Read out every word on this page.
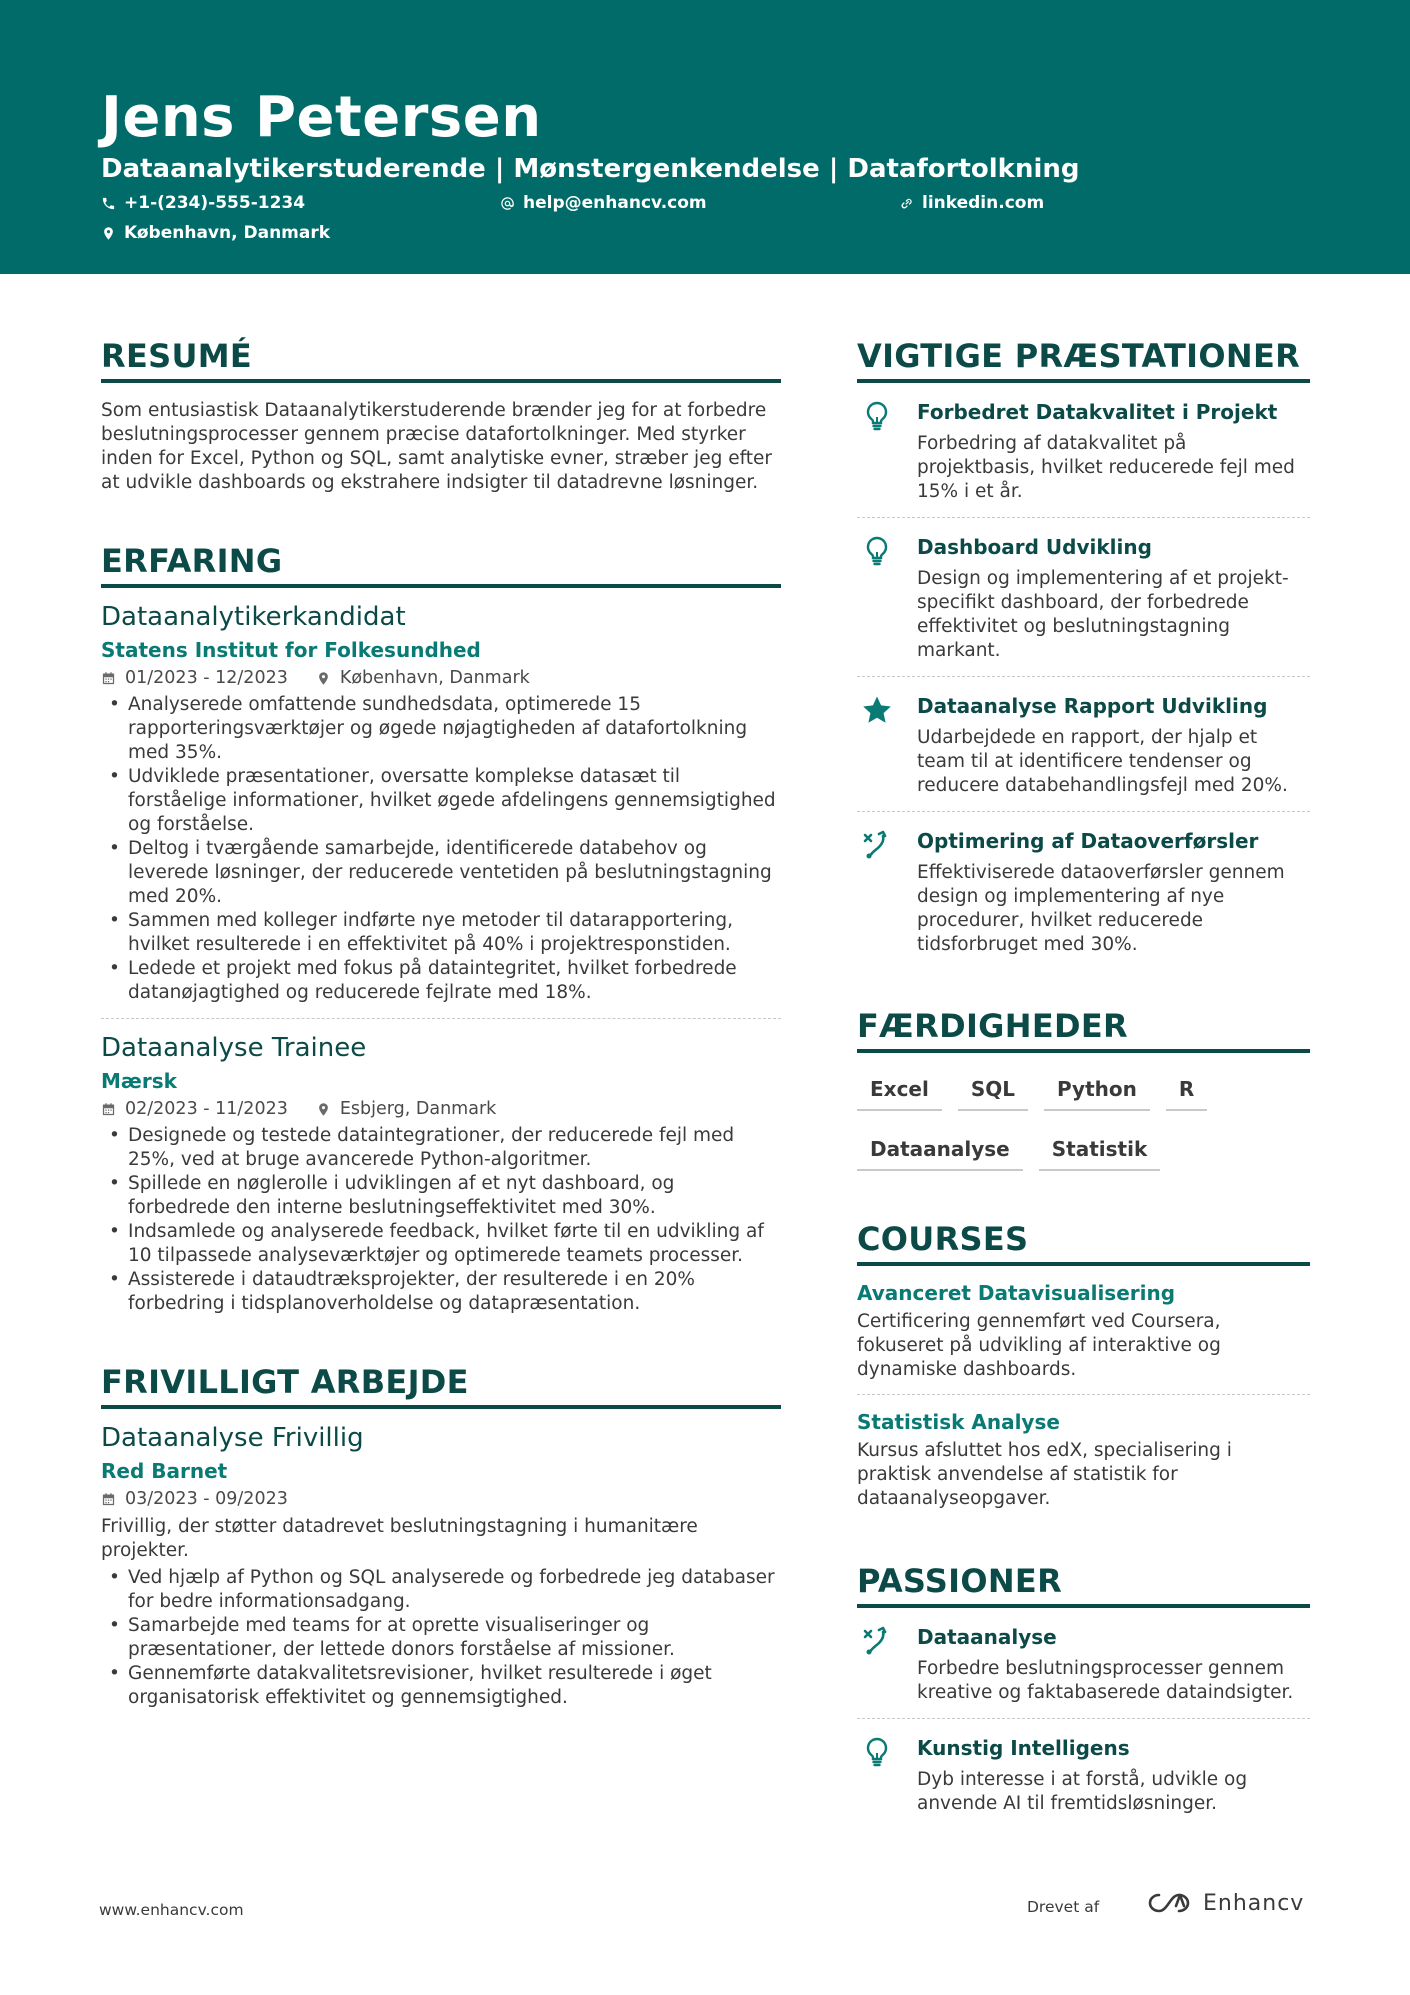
Jens Petersen
Dataanalytikerstuderende | Mønstergenkendelse | Datafortolkning
+1-(234)-555-1234	help@enhancv.com	linkedin.com
København, Danmark
RESUMÉ
Som entusiastisk Dataanalytikerstuderende brænder jeg for at forbedre beslutningsprocesser gennem præcise datafortolkninger. Med styrker inden for Excel, Python og SQL, samt analytiske evner, stræber jeg efter at udvikle dashboards og ekstrahere indsigter til datadrevne løsninger.
ERFARING
Dataanalytikerkandidat
Statens Institut for Folkesundhed
01/2023 - 12/2023	København, Danmark
• Analyserede omfattende sundhedsdata, optimerede 15 rapporteringsværktøjer og øgede nøjagtigheden af datafortolkning med 35%.
• Udviklede præsentationer, oversatte komplekse datasæt til forståelige informationer, hvilket øgede afdelingens gennemsigtighed og forståelse.
• Deltog i tværgående samarbejde, identificerede databehov og leverede løsninger, der reducerede ventetiden på beslutningstagning med 20%.
• Sammen med kolleger indførte nye metoder til datarapportering, hvilket resulterede i en effektivitet på 40% i projektresponstiden.
• Ledede et projekt med fokus på dataintegritet, hvilket forbedrede datanøjagtighed og reducerede fejlrate med 18%.
Dataanalyse Trainee
Mærsk
02/2023 - 11/2023	Esbjerg, Danmark
• Designede og testede dataintegrationer, der reducerede fejl med 25%, ved at bruge avancerede Python-algoritmer.
• Spillede en nøglerolle i udviklingen af et nyt dashboard, og forbedrede den interne beslutningseffektivitet med 30%.
• Indsamlede og analyserede feedback, hvilket førte til en udvikling af 10 tilpassede analyseværktøjer og optimerede teamets processer.
• Assisterede i dataudtræksprojekter, der resulterede i en 20% forbedring i tidsplanoverholdelse og datapræsentation.
FRIVILLIGT ARBEJDE
Dataanalyse Frivillig
Red Barnet
03/2023 - 09/2023
Frivillig, der støtter datadrevet beslutningstagning i humanitære projekter.
• Ved hjælp af Python og SQL analyserede og forbedrede jeg databaser for bedre informationsadgang.
• Samarbejde med teams for at oprette visualiseringer og præsentationer, der lettede donors forståelse af missioner.
• Gennemførte datakvalitetsrevisioner, hvilket resulterede i øget organisatorisk effektivitet og gennemsigtighed.
VIGTIGE PRÆSTATIONER
Forbedret Datakvalitet i Projekt
Forbedring af datakvalitet på projektbasis, hvilket reducerede fejl med 15% i et år.
Dashboard Udvikling
Design og implementering af et projekt-specifikt dashboard, der forbedrede effektivitet og beslutningstagning markant.
Dataanalyse Rapport Udvikling
Udarbejdede en rapport, der hjalp et team til at identificere tendenser og reducere databehandlingsfejl med 20%.
Optimering af Dataoverførsler
Effektiviserede dataoverførsler gennem design og implementering af nye procedurer, hvilket reducerede tidsforbruget med 30%.
FÆRDIGHEDER
Excel	SQL	Python	R
Dataanalyse	Statistik
COURSES
Avanceret Datavisualisering
Certificering gennemført ved Coursera, fokuseret på udvikling af interaktive og dynamiske dashboards.
Statistisk Analyse
Kursus afsluttet hos edX, specialisering i praktisk anvendelse af statistik for dataanalyseopgaver.
PASSIONER
Dataanalyse
Forbedre beslutningsprocesser gennem kreative og faktabaserede dataindsigter.
Kunstig Intelligens
Dyb interesse i at forstå, udvikle og anvende AI til fremtidsløsninger.
www.enhancv.com	Drevet af	Enhancv
